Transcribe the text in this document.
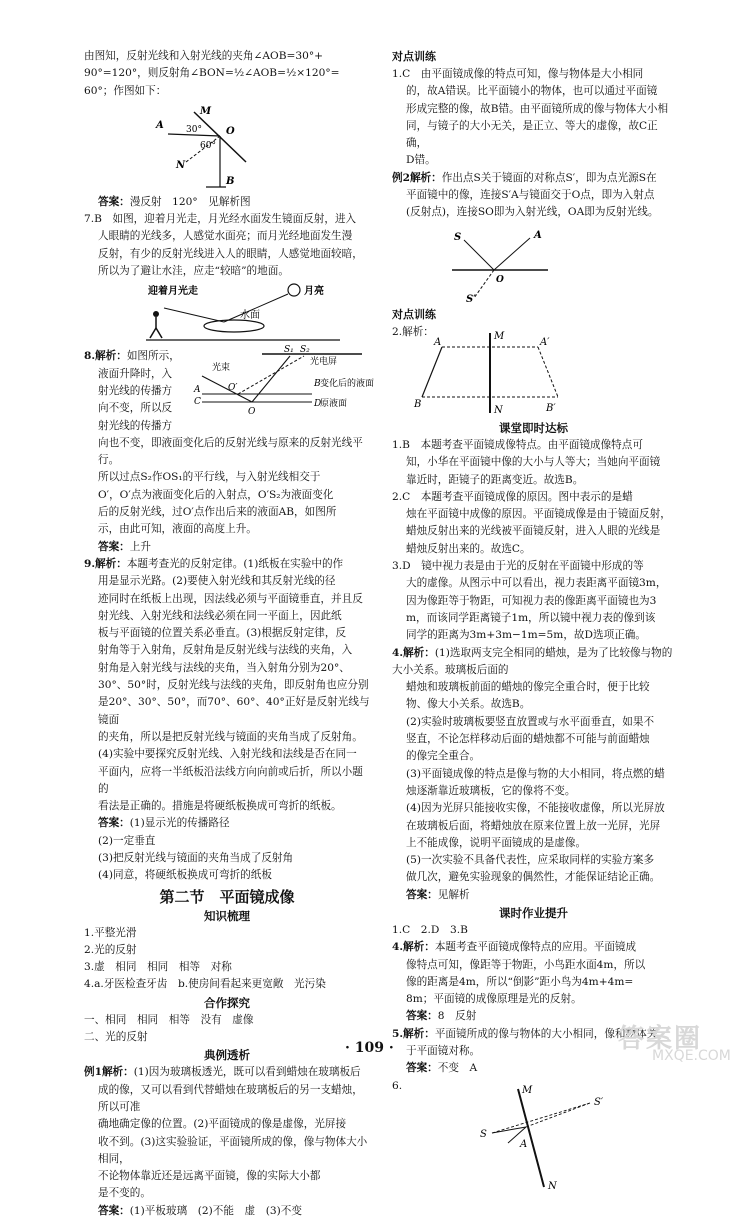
由图知，反射光线和入射光线的夹角∠AOB=30°+

90°=120°，则反射角∠BON=½∠AOB=½×120°=

60°；作图如下：

M
A
O
N
B
30°
60°

答案：漫反射　120°　见解析图

7.B　如图，迎着月光走，月光经水面发生镜面反射，进入

人眼睛的光线多，人感觉水面亮；而月光经地面发生漫

反射，有少的反射光线进入人的眼睛，人感觉地面较暗，

所以为了避让水洼，应走“较暗”的地面。

迎着月光走	月亮
水面

8.解析：如图所示，

液面升降时，入

射光线的传播方

向不变，所以反

射光线的传播方

S₁ S₂
光电屏
光束
O′
O
A
C
B
D
变化后的液面
原液面

向也不变，即液面变化后的反射光线与原来的反射光线平行。

所以过点S₂作OS₁的平行线，与入射光线相交于

O′，O′点为液面变化后的入射点，O′S₂为液面变化

后的反射光线，过O′点作出后来的液面AB，如图所

示，由此可知，液面的高度上升。

答案：上升

9.解析：本题考查光的反射定律。(1)纸板在实验中的作

用是显示光路。(2)要使入射光线和其反射光线的径

迹同时在纸板上出现，因法线必须与平面镜垂直，并且反

射光线、入射光线和法线必须在同一平面上，因此纸

板与平面镜的位置关系必垂直。(3)根据反射定律，反

射角等于入射角，反射角是反射光线与法线的夹角，入

射角是入射光线与法线的夹角，当入射角分别为20°、

30°、50°时，反射光线与法线的夹角，即反射角也应分别

是20°、30°、50°，而70°、60°、40°正好是反射光线与镜面

的夹角，所以是把反射光线与镜面的夹角当成了反射角。

(4)实验中要探究反射光线、入射光线和法线是否在同一

平面内，应将一半纸板沿法线方向向前或后折，所以小题的

看法是正确的。措施是将硬纸板换成可弯折的纸板。

答案：(1)显示光的传播路径

(2)一定垂直

(3)把反射光线与镜面的夹角当成了反射角

(4)同意，将硬纸板换成可弯折的纸板

第二节　平面镜成像
知识梳理

1.平整光滑

2.光的反射

3.虚　相同　相同　相等　对称

4.a.牙医检查牙齿　b.使房间看起来更宽敞　光污染

合作探究

一、相同　相同　相等　没有　虚像

二、光的反射

典例透析

例1解析：(1)因为玻璃板透光，既可以看到蜡烛在玻璃板后

成的像，又可以看到代替蜡烛在玻璃板后的另一支蜡烛，所以可准

确地确定像的位置。(2)平面镜成的像是虚像，光屏接

收不到。(3)这实验验证，平面镜所成的像，像与物体大小相同，

不论物体靠近还是远离平面镜，像的实际大小都

是不变的。

答案：(1)平板玻璃　(2)不能　虚　(3)不变

对点训练

1.C　由平面镜成像的特点可知，像与物体是大小相同

的，故A错误。比平面镜小的物体，也可以通过平面镜

形成完整的像，故B错。由平面镜所成的像与物体大小相

同，与镜子的大小无关，是正立、等大的虚像，故C正确，

D错。

例2解析：作出点S关于镜面的对称点S′，即为点光源S在

平面镜中的像，连接S′A与镜面交于O点，即为入射点

(反射点)，连接SO即为入射光线，OA即为反射光线。

S	A
O
S′
对点训练

2.解析：

A
M
A′
B	B′
N
课堂即时达标

1.B　本题考查平面镜成像特点。由平面镜成像特点可

知，小华在平面镜中像的大小与人等大；当她向平面镜

靠近时，距镜子的距离变近。故选B。

2.C　本题考查平面镜成像的原因。图中表示的是蜡

烛在平面镜中成像的原因。平面镜成像是由于镜面反射，

蜡烛反射出来的光线被平面镜反射，进入人眼的光线是

蜡烛反射出来的。故选C。

3.D　镜中视力表是由于光的反射在平面镜中形成的等

大的虚像。从图示中可以看出，视力表距离平面镜3m，

因为像距等于物距，可知视力表的像距离平面镜也为3

m，而该同学距离镜子1m，所以镜中视力表的像到该

同学的距离为3m+3m−1m=5m，故D选项正确。

4.解析：(1)选取两支完全相同的蜡烛，是为了比较像与物的大小关系。玻璃板后面的

蜡烛和玻璃板前面的蜡烛的像完全重合时，便于比较

物、像大小关系。故选B。

(2)实验时玻璃板要竖直放置或与水平面垂直，如果不

竖直，不论怎样移动后面的蜡烛都不可能与前面蜡烛

的像完全重合。

(3)平面镜成像的特点是像与物的大小相同，将点燃的蜡

烛逐渐靠近玻璃板，它的像将不变。

(4)因为光屏只能接收实像，不能接收虚像，所以光屏放

在玻璃板后面，将蜡烛放在原来位置上放一光屏，光屏

上不能成像，说明平面镜成的是虚像。

(5)一次实验不具备代表性，应采取同样的实验方案多

做几次，避免实验现象的偶然性，才能保证结论正确。

答案：见解析

课时作业提升

1.C　2.D　3.B

4.解析：本题考查平面镜成像特点的应用。平面镜成

像特点可知，像距等于物距，小鸟距水面4m，所以

像的距离是4m，所以“倒影”距小鸟为4m+4m=

8m；平面镜的成像原理是光的反射。

答案：8　反射

5.解析：平面镜所成的像与物体的大小相同，像和物体关

于平面镜对称。

答案：不变　A

6.	M
S′
S
A
N
· 109 ·	答案圈
MXQE.COM
